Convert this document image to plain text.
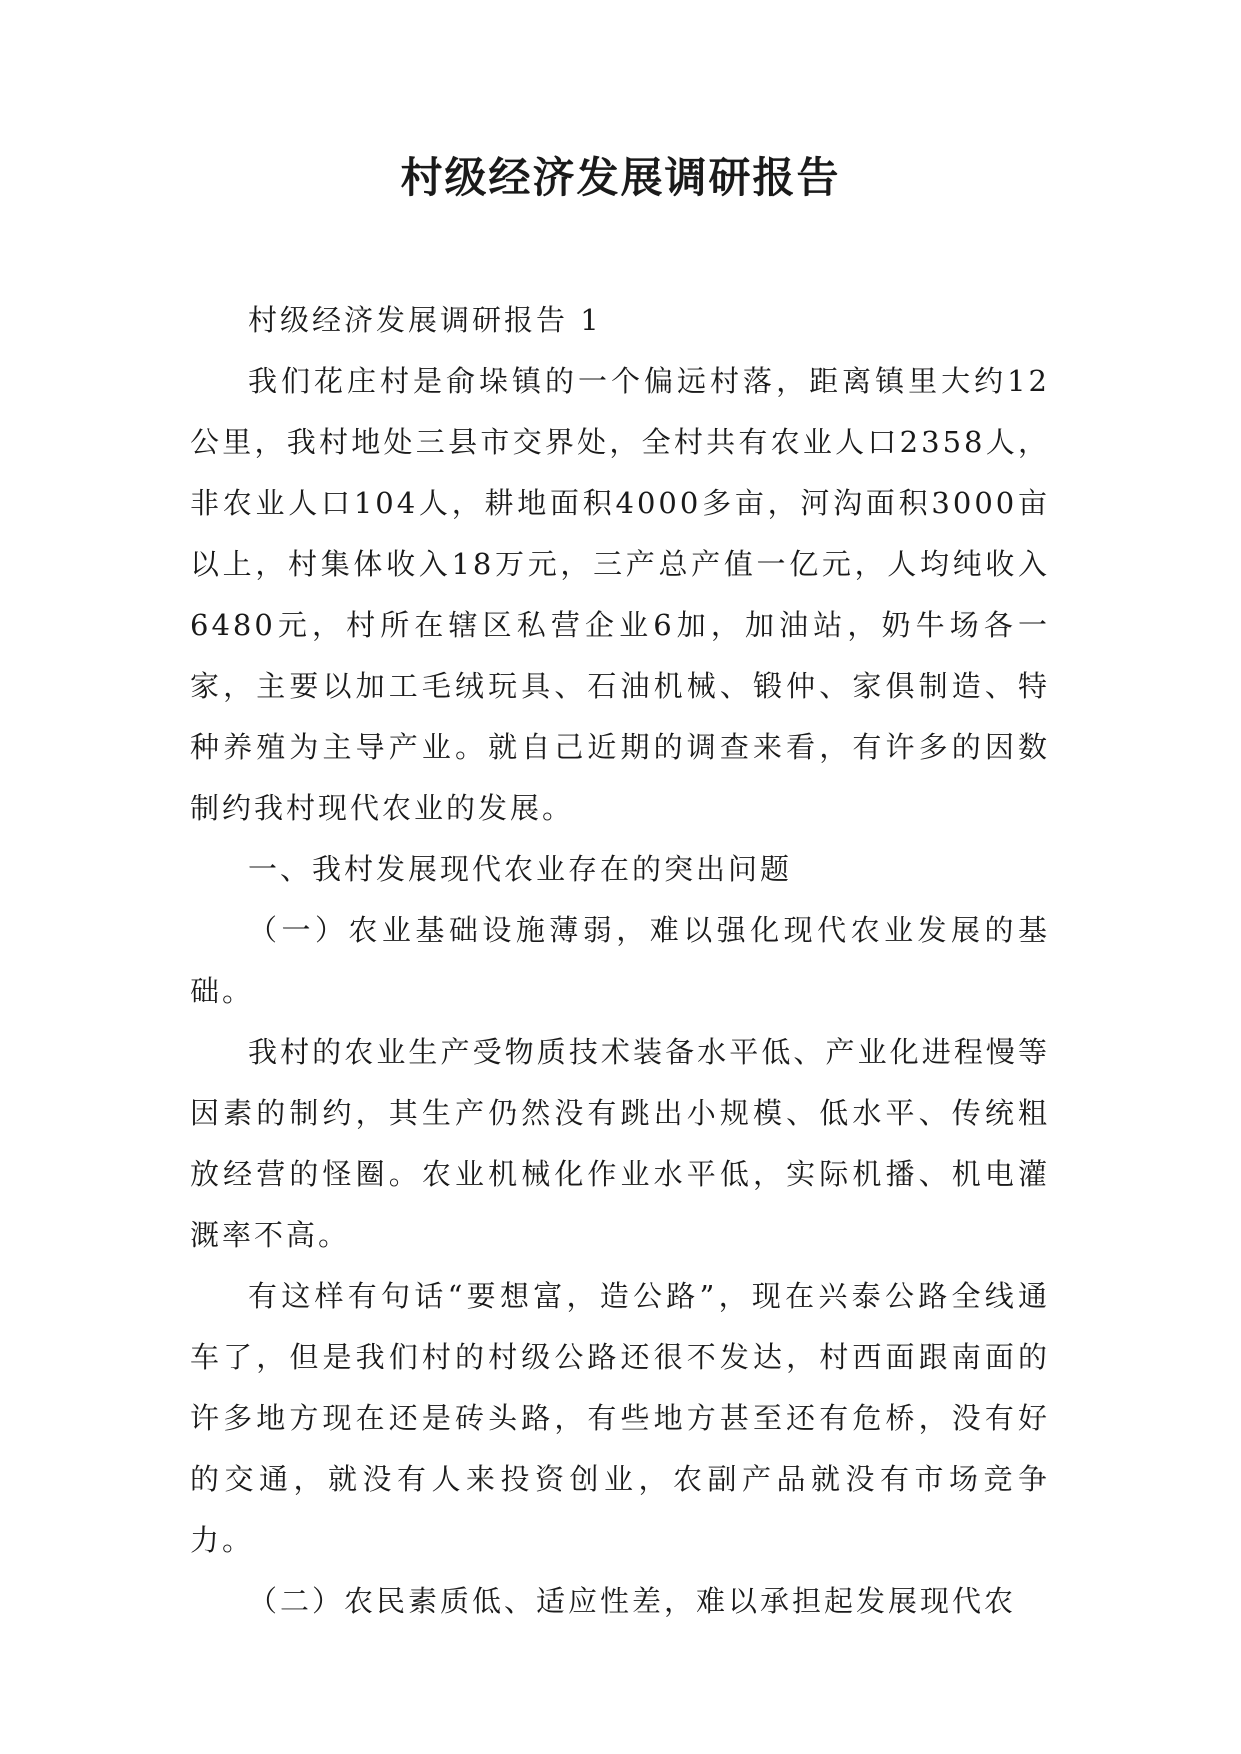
村级经济发展调研报告

村级经济发展调研报告 1

我们花庄村是俞垛镇的一个偏远村落，距离镇里大约12公里，我村地处三县市交界处，全村共有农业人口2358人，非农业人口104人，耕地面积4000多亩，河沟面积3000亩以上，村集体收入18万元，三产总产值一亿元，人均纯收入6480元，村所在辖区私营企业6加，加油站，奶牛场各一家，主要以加工毛绒玩具、石油机械、锻仲、家俱制造、特种养殖为主导产业。就自己近期的调查来看，有许多的因数制约我村现代农业的发展。

一、我村发展现代农业存在的突出问题

（一）农业基础设施薄弱，难以强化现代农业发展的基础。

我村的农业生产受物质技术装备水平低、产业化进程慢等因素的制约，其生产仍然没有跳出小规模、低水平、传统粗放经营的怪圈。农业机械化作业水平低，实际机播、机电灌溉率不高。

有这样有句话“要想富，造公路”，现在兴泰公路全线通车了，但是我们村的村级公路还很不发达，村西面跟南面的许多地方现在还是砖头路，有些地方甚至还有危桥，没有好的交通，就没有人来投资创业，农副产品就没有市场竞争力。

（二）农民素质低、适应性差，难以承担起发展现代农
